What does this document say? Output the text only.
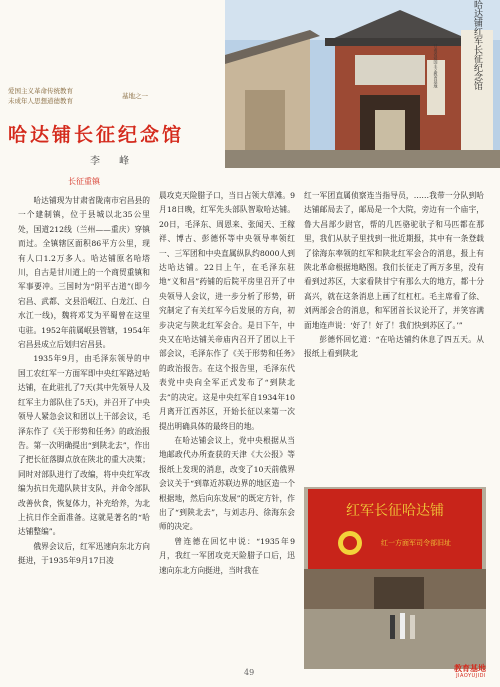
爱国主义革命传统教育
未成年人思想道德教育
基地之一
哈达铺长征纪念馆
李 峰
哈达铺红军长征纪念馆
甘肃省爱国主义教育基地
长征重镇

哈达铺现为甘肃省陇南市宕昌县的一个建制镇，位于县城以北35公里处，国道212线（兰州——重庆）穿镇而过。全镇辖区面积86平方公里，现有人口1.2万多人。哈达铺原名哈塔川，自古是甘川道上的一个商贸重镇和军事要冲。三国时为“阴平古道”(即今宕昌、武都、文县沿岷江、白龙江、白水江一线)，魏将邓艾为平蜀曾在这里屯驻。1952年前属岷县管辖，1954年宕昌县成立后划归宕昌县。

1935年9月，由毛泽东领导的中国工农红军一方面军即中央红军路过哈达铺，在此驻扎了7天(其中先领导人及红军主力部队住了5天)，并召开了中央领导人紧急会议和团以上干部会议，毛泽东作了《关于形势和任务》的政治报告。第一次明确提出“到陕北去”，作出了把长征落脚点放在陕北的重大决策；同时对部队进行了改编，将中央红军改编为抗日先遣队陕甘支队，并命令部队改善伙食，恢复体力，补充给养，为北上抗日作全面准备。这就是著名的“哈达铺整编”。

俄界会议后，红军迅速向东北方向挺进，于1935年9月17日凌

晨攻克天险腊子口，当日占领大草滩。9月18日晚，红军先头部队智取哈达铺。20日，毛泽东、周恩来、张闻天、王稼祥、博古、彭德怀等中央领导率领红一、三军团和中央直属纵队约8000人到达哈达铺。22日上午，在毛泽东驻地“义和昌”药铺的后院平房里召开了中央领导人会议，进一步分析了形势，研究制定了有关红军今后发展的方向，初步决定与陕北红军会合。是日下午，中央又在哈达铺关帝庙内召开了团以上干部会议，毛泽东作了《关于形势和任务》的政治报告。在这个报告里，毛泽东代表党中央向全军正式发布了“到陕北去”的决定。这是中央红军自1934年10月离开江西苏区，开始长征以来第一次提出明确具体的最终目的地。

在哈达铺会议上，党中央根据从当地邮政代办所查获的天津《大公报》等报纸上发现的消息，改变了10天前俄界会议关于“到靠近苏联边界的地区造一个根据地，然后向东发展”的既定方针，作出了“到陕北去”，与刘志丹、徐海东会师的决定。

曾连德在回忆中说：“1935年9月，我红一军团攻克天险腊子口后，迅速向东北方向挺进，当时我在

红一军团直属侦察连当指导员，……我带一分队到哈达铺邮局去了，邮局是一个大院，旁边有一个庙宇，鲁大昌部少尉官，帮的几匹骆驼驮子和马匹都在那里，我们从驮子里找到一批近期报，其中有一条登载了徐海东率领的红军和陕北红军会合的消息，报上有陕北革命根据地略图。我们长征走了两万多里，没有看到过苏区，大家看陕甘宁有那么大的地方，都十分高兴，就在这条消息上画了红杠杠。毛主席看了徐、刘两部会合的消息，和军团首长议论开了，并笑容满面地连声说：‘好了！好了！我们快到苏区了。’”

彭德怀回忆道：“在哈达铺约休息了四五天。从报纸上看到陕北

红军长征哈达铺
红一方面军司令部旧址
49	教育基地
JIAOYUJIDI
